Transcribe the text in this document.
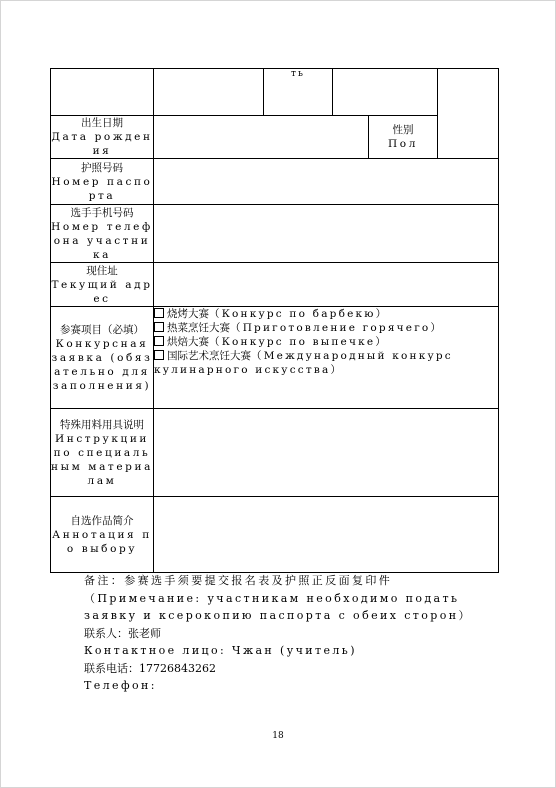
		ть			

出生日期
Дата рождения				性别
Пол	

护照号码
Номер паспорта					

选手手机号码
Номер телефона участника					

现住址
Текущий адрес					

参赛项目（必填）
Конкурсная заявка (обязательно для заполнения)	烧烤大赛（Конкурс по барбекю）
热菜烹饪大赛（Приготовление горячего）
烘焙大赛（Конкурс по выпечке）
国际艺术烹饪大赛（Международный конкурс кулинарного искусства）				

特殊用料用具说明
Инструкции по специальным материалам					

自选作品简介
Аннотация по выбору					

备注：参赛选手须要提交报名表及护照正反面复印件（Примечание: участникам необходимо подать заявку и ксерокопию паспорта с обеих сторон）

联系人：张老师

Контактное лицо: Чжан (учитель)

联系电话：17726843262

Телефон:

18
